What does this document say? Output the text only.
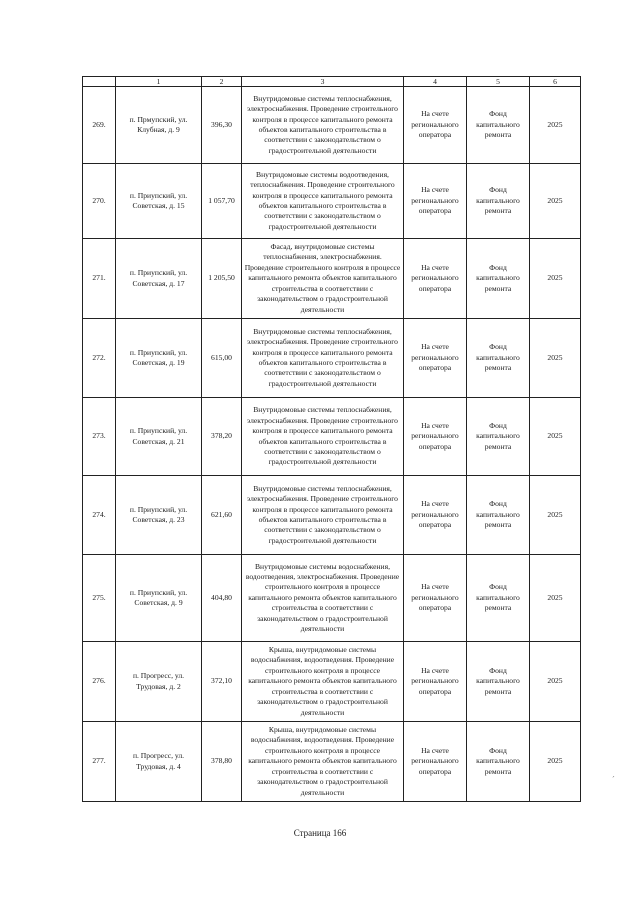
	1	2	3	4	5	6
269.	п. Прмупский, ул. Клубная, д. 9	396,30	Внутридомовые системы теплоснабжения, электроснабжения. Проведение строительного контроля в процессе капитального ремонта объектов капитального строительства в соответствии с законодательством о градостроительной деятельности	На счете регионального оператора	Фонд капитального ремонта	2025
270.	п. Приупский, ул. Советская, д. 15	1 057,70	Внутридомовые системы водоотведения, теплоснабжения. Проведение строительного контроля в процессе капитального ремонта объектов капитального строительства в соответствии с законодательством о градостроительной деятельности	На счете регионального оператора	Фонд капитального ремонта	2025
271.	п. Приупский, ул. Советская, д. 17	1 205,50	Фасад, внутридомовые системы теплоснабжения, электроснабжения. Проведение строительного контроля в процессе капитального ремонта объектов капитального строительства в соответствии с законодательством о градостроительной деятельности	На счете регионального оператора	Фонд капитального ремонта	2025
272.	п. Приупский, ул. Советская, д. 19	615,00	Внутридомовые системы теплоснабжения, электроснабжения. Проведение строительного контроля в процессе капитального ремонта объектов капитального строительства в соответствии с законодательством о градостроительной деятельности	На счете регионального оператора	Фонд капитального ремонта	2025
273.	п. Приупский, ул. Советская, д. 21	378,20	Внутридомовые системы теплоснабжения, электроснабжения. Проведение строительного контроля в процессе капитального ремонта объектов капитального строительства в соответствии с законодательством о градостроительной деятельности	На счете регионального оператора	Фонд капитального ремонта	2025
274.	п. Приупский, ул. Советская, д. 23	621,60	Внутридомовые системы теплоснабжения, электроснабжения. Проведение строительного контроля в процессе капитального ремонта объектов капитального строительства в соответствии с законодательством о градостроительной деятельности	На счете регионального оператора	Фонд капитального ремонта	2025
275.	п. Приупский, ул. Советская, д. 9	404,80	Внутридомовые системы водоснабжения, водоотведения, электроснабжения. Проведение строительного контроля в процессе капитального ремонта объектов капитального строительства в соответствии с законодательством о градостроительной деятельности	На счете регионального оператора	Фонд капитального ремонта	2025
276.	п. Прогресс, ул. Трудовая, д. 2	372,10	Крыша, внутридомовые системы водоснабжения, водоотведения. Проведение строительного контроля в процессе капитального ремонта объектов капитального строительства в соответствии с законодательством о градостроительной деятельности	На счете регионального оператора	Фонд капитального ремонта	2025
277.	п. Прогресс, ул. Трудовая, д. 4	378,80	Крыша, внутридомовые системы водоснабжения, водоотведения. Проведение строительного контроля в процессе капитального ремонта объектов капитального строительства в соответствии с законодательством о градостроительной деятельности	На счете регионального оператора	Фонд капитального ремонта	2025
ˊ
Страница 166
